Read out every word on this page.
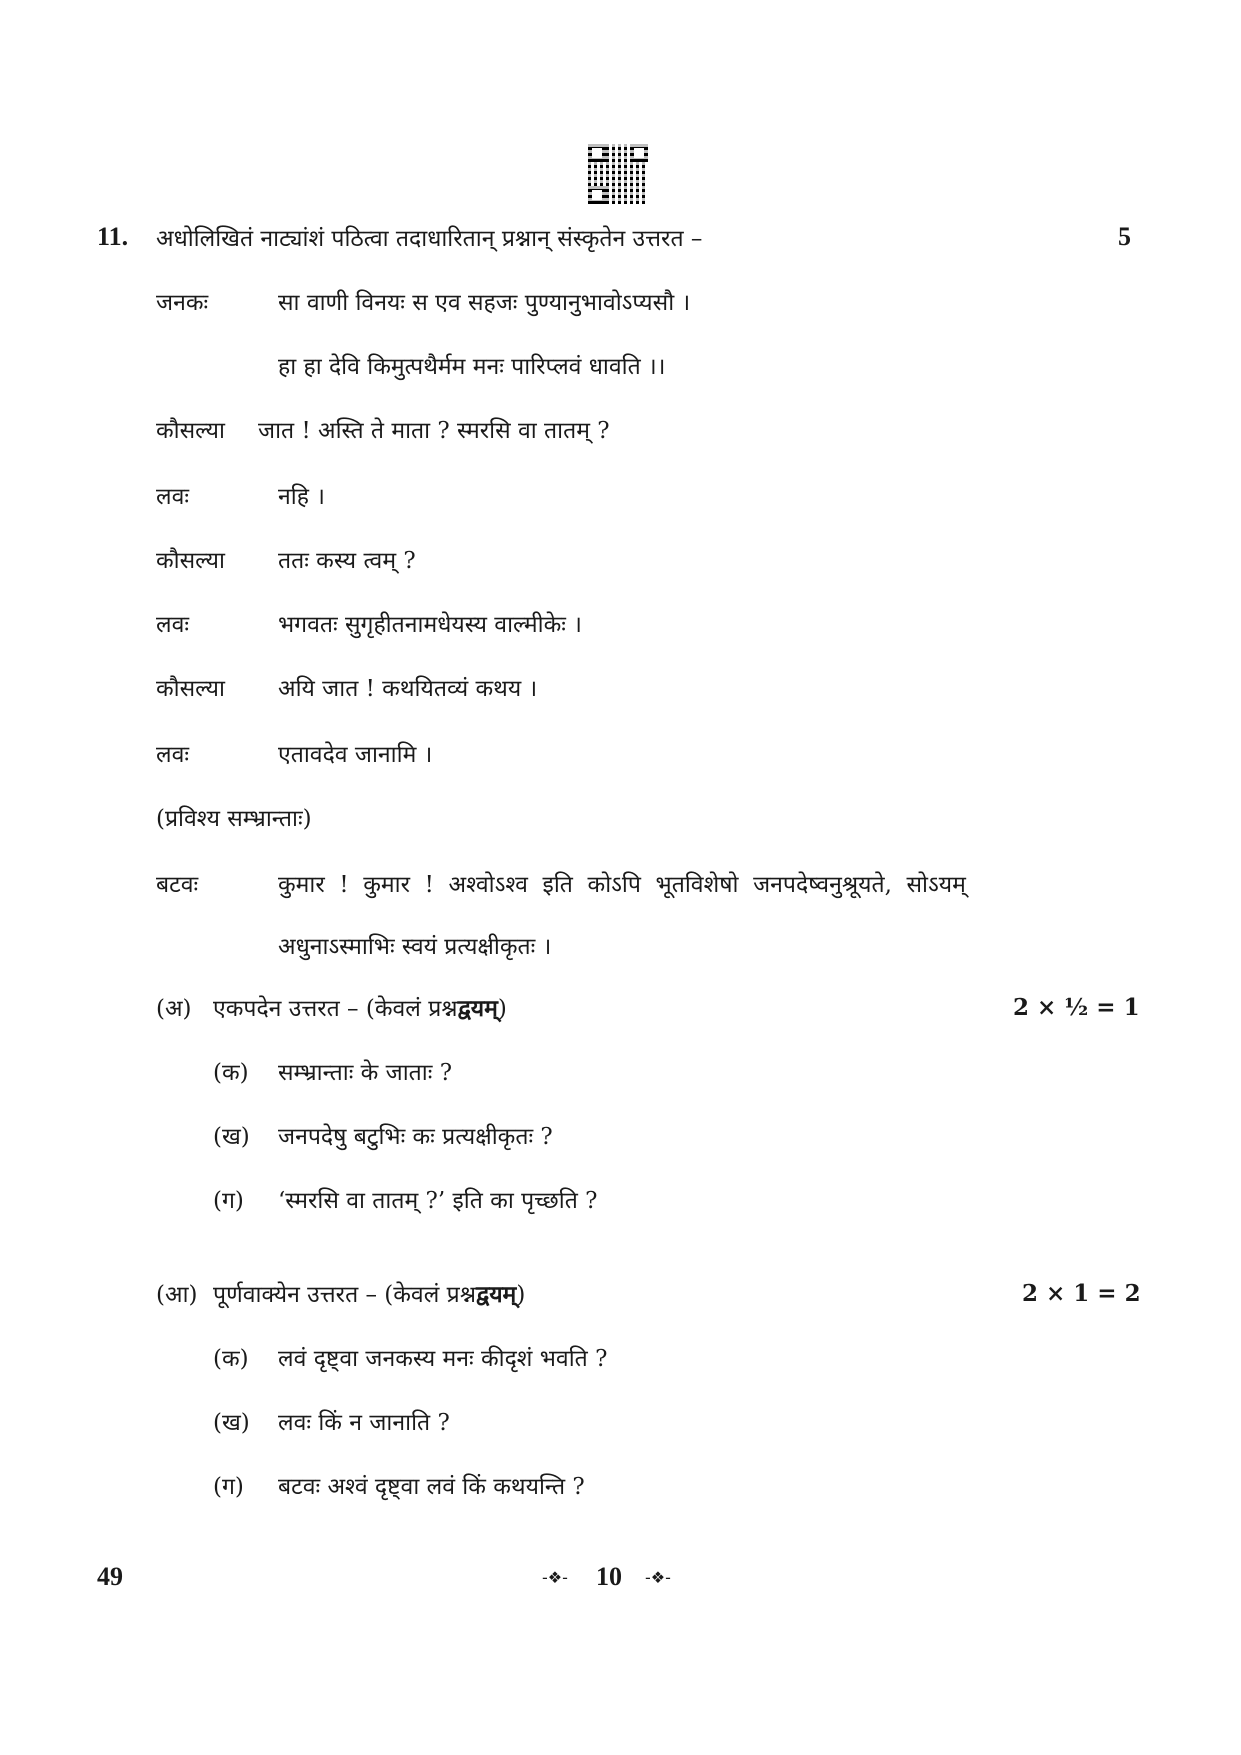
11. अधोलिखितं नाट्यांशं पठित्वा तदाधारितान् प्रश्नान् संस्कृतेन उत्तरत –	5
जनकः	सा वाणी विनयः स एव सहजः पुण्यानुभावोऽप्यसौ ।
हा हा देवि किमुत्पथैर्मम मनः पारिप्लवं धावति ।।
कौसल्या जात ! अस्ति ते माता ? स्मरसि वा तातम् ?
लवः	नहि ।
कौसल्या ततः कस्य त्वम् ?
लवः	भगवतः सुगृहीतनामधेयस्य वाल्मीकेः ।
कौसल्या अयि जात ! कथयितव्यं कथय ।
लवः	एतावदेव जानामि ।
(प्रविश्य सम्भ्रान्ताः)
बटवः	कुमार  !  कुमार  !  अश्वोऽश्व  इति  कोऽपि  भूतविशेषो  जनपदेष्वनुश्रूयते,  सोऽयम्
अधुनाऽस्माभिः स्वयं प्रत्यक्षीकृतः ।
(अ) एकपदेन उत्तरत – (केवलं प्रश्नद्वयम्)	2 × ½ = 1
(क) सम्भ्रान्ताः के जाताः ?
(ख) जनपदेषु बटुभिः कः प्रत्यक्षीकृतः ?
(ग) ‘स्मरसि वा तातम् ?’ इति का पृच्छति ?
(आ) पूर्णवाक्येन उत्तरत – (केवलं प्रश्नद्वयम्)	2 × 1 = 2
(क) लवं दृष्ट्वा जनकस्य मनः कीदृशं भवति ?
(ख) लवः किं न जानाति ?
(ग) बटवः अश्वं दृष्ट्वा लवं किं कथयन्ति ?
49	-❖- 10 -❖-
